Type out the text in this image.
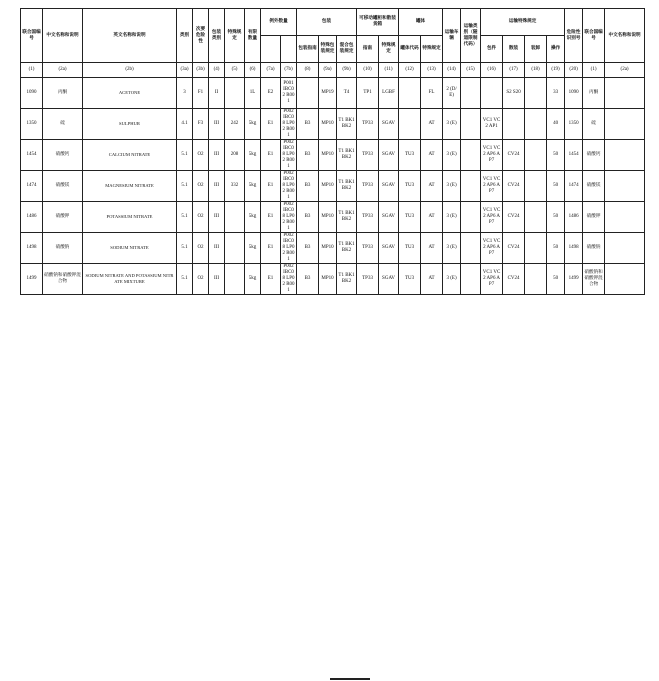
联合国编号	中文名称和说明	英文名称和说明	类别	次要危险性	包装类别	特殊规定	有限数量	例外数量		包装			可移动罐柜和散装货箱		罐体		运输车辆	运输类别（隧道限制代码）	运输特殊规定				危险性识别号	联合国编号	中文名称和说明
										包装指南	特殊包装规定	混合包装规定	指南	特殊规定	罐体代码	特殊规定			包件	散装	装卸	操作			
(1)	(2a)	(2b)	(3a)	(3b)	(4)	(5)	(6)	(7a)	(7b)	(8)	(9a)	(9b)	(10)	(11)	(12)	(13)	(14)	(15)	(16)	(17)	(18)	(19)	(20)	(1)	(2a)
1090	丙酮	ACETONE	3	F1	II		1L	E2	P001 IBC02 R001		MP19	T4	TP1	LGBF		FL	2 (D/E)			S2 S20		33	1090	丙酮	
1350	硫	SULPHUR	4.1	F3	III	242	5kg	E1	P002 IBC08 LP02 R001	B3	MP10	T1 BK1 BK2	TP33	SGAV		AT	3 (E)		VC1 VC2 AP1			40	1350	硫	
1454	硝酸钙	CALCIUM NITRATE	5.1	O2	III	208	5kg	E1	P002 IBC08 LP02 R001	B3	MP10	T1 BK1 BK2	TP33	SGAV	TU3	AT	3 (E)		VC1 VC2 AP6 AP7	CV24		50	1454	硝酸钙	
1474	硝酸镁	MAGNESIUM NITRATE	5.1	O2	III	332	5kg	E1	P002 IBC08 LP02 R001	B3	MP10	T1 BK1 BK2	TP33	SGAV	TU3	AT	3 (E)		VC1 VC2 AP6 AP7	CV24		50	1474	硝酸镁	
1486	硝酸钾	POTASSIUM NITRATE	5.1	O2	III		5kg	E1	P002 IBC08 LP02 R001	B3	MP10	T1 BK1 BK2	TP33	SGAV	TU3	AT	3 (E)		VC1 VC2 AP6 AP7	CV24		50	1486	硝酸钾	
1498	硝酸钠	SODIUM NITRATE	5.1	O2	III		5kg	E1	P002 IBC08 LP02 R001	B3	MP10	T1 BK1 BK2	TP33	SGAV	TU3	AT	3 (E)		VC1 VC2 AP6 AP7	CV24		50	1498	硝酸钠	
1499	硝酸钠和硝酸钾混合物	SODIUM NITRATE AND POTASSIUM NITRATE MIXTURE	5.1	O2	III		5kg	E1	P002 IBC08 LP02 R001	B3	MP10	T1 BK1 BK2	TP33	SGAV	TU3	AT	3 (E)		VC1 VC2 AP6 AP7	CV24		50	1499	硝酸钠和硝酸钾混合物	
